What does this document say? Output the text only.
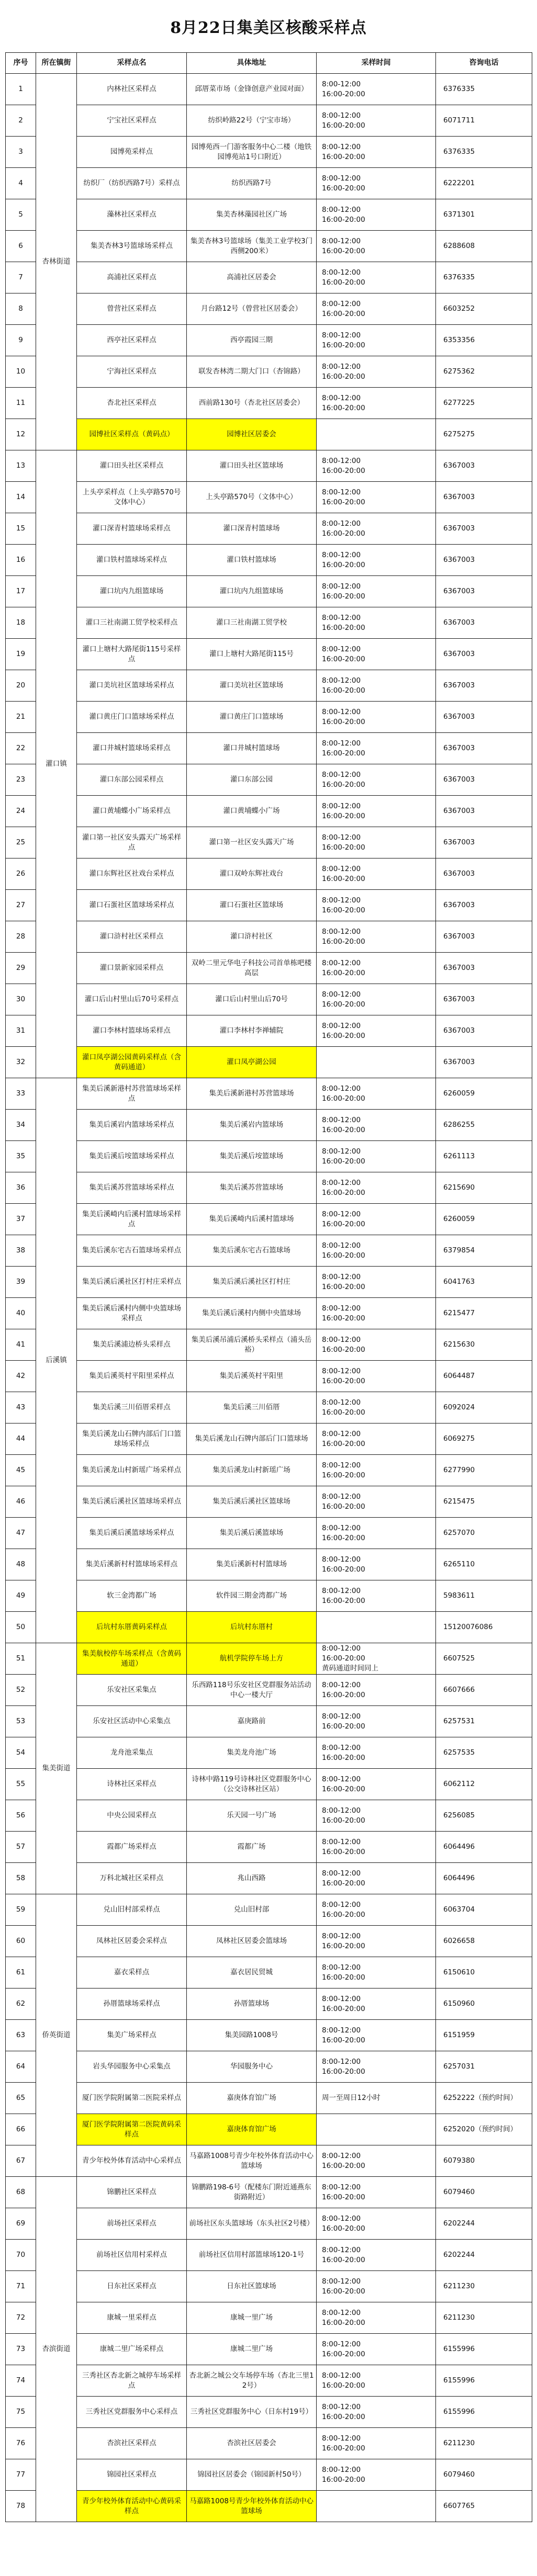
8月22日集美区核酸采样点
序号	所在镇街	采样点名	具体地址	采样时间	咨询电话
1	杏林街道	内林社区采样点	邱厝菜市场（金锋创意产业园对面）	8:00-12:00
16:00-20:00	6376335
2		宁宝社区采样点	纺织岭路22号（宁宝市场）	8:00-12:00
16:00-20:00	6071711
3		园博苑采样点	园博苑西一门游客服务中心二楼（地铁园博苑站1号口附近）	8:00-12:00
16:00-20:00	6376335
4		纺织厂（纺织西路7号）采样点	纺织西路7号	8:00-12:00
16:00-20:00	6222201
5		藻林社区采样点	集美杏林藻园社区广场	8:00-12:00
16:00-20:00	6371301
6		集美杏林3号篮球场采样点	集美杏林3号篮球场（集美工业学校3门西侧200米）	8:00-12:00
16:00-20:00	6288608
7		高浦社区采样点	高浦社区居委会	8:00-12:00
16:00-20:00	6376335
8		曾营社区采样点	月台路12号（曾营社区居委会）	8:00-12:00
16:00-20:00	6603252
9		西亭社区采样点	西亭霞园三期	8:00-12:00
16:00-20:00	6353356
10		宁海社区采样点	联发杏林湾二期大门口（杏锦路）	8:00-12:00
16:00-20:00	6275362
11		杏北社区采样点	西前路130号（杏北社区居委会）	8:00-12:00
16:00-20:00	6277225
12		园博社区采样点（黄码点）	园博社区居委会		6275275
13	灌口镇	灌口田头社区采样点	灌口田头社区篮球场	8:00-12:00
16:00-20:00	6367003
14		上头亭采样点（上头亭路570号文体中心）	上头亭路570号（文体中心）	8:00-12:00
16:00-20:00	6367003
15		灌口深青村篮球场采样点	灌口深青村篮球场	8:00-12:00
16:00-20:00	6367003
16		灌口铁村篮球场采样点	灌口铁村篮球场	8:00-12:00
16:00-20:00	6367003
17		灌口坑内九组篮球场	灌口坑内九组篮球场	8:00-12:00
16:00-20:00	6367003
18		灌口三社南湖工贸学校采样点	灌口三社南湖工贸学校	8:00-12:00
16:00-20:00	6367003
19		灌口上塘村大路尾街115号采样点	灌口上塘村大路尾街115号	8:00-12:00
16:00-20:00	6367003
20		灌口美坑社区篮球场采样点	灌口美坑社区篮球场	8:00-12:00
16:00-20:00	6367003
21		灌口黄庄门口篮球场采样点	灌口黄庄门口篮球场	8:00-12:00
16:00-20:00	6367003
22		灌口井城村篮球场采样点	灌口井城村篮球场	8:00-12:00
16:00-20:00	6367003
23		灌口东部公园采样点	灌口东部公园	8:00-12:00
16:00-20:00	6367003
24		灌口黄埔蝶小广场采样点	灌口黄埔蝶小广场	8:00-12:00
16:00-20:00	6367003
25		灌口第一社区安头露天广场采样点	灌口第一社区安头露天广场	8:00-12:00
16:00-20:00	6367003
26		灌口东辉社区社戏台采样点	灌口双岭东辉社戏台	8:00-12:00
16:00-20:00	6367003
27		灌口石蛋社区篮球场采样点	灌口石蛋社区篮球场	8:00-12:00
16:00-20:00	6367003
28		灌口浒村社区采样点	灌口浒村社区	8:00-12:00
16:00-20:00	6367003
29		灌口景新家园采样点	双岭二里元华电子科技公司首单栋吧楼高层	8:00-12:00
16:00-20:00	6367003
30		灌口后山村里山后70号采样点	灌口后山村里山后70号	8:00-12:00
16:00-20:00	6367003
31		灌口李林村篮球场采样点	灌口李林村李禅辅院	8:00-12:00
16:00-20:00	6367003
32		灌口凤亭湖公园黄码采样点（含黄码通道）	灌口凤亭湖公园		6367003
33	后溪镇	集美后溪新港村苏营篮球场采样点	集美后溪新港村苏营篮球场	8:00-12:00
16:00-20:00	6260059
34		集美后溪岩内篮球场采样点	集美后溪岩内篮球场	8:00-12:00
16:00-20:00	6286255
35		集美后溪后垵篮球场采样点	集美后溪后垵篮球场	8:00-12:00
16:00-20:00	6261113
36		集美后溪苏营篮球场采样点	集美后溪苏营篮球场	8:00-12:00
16:00-20:00	6215690
37		集美后溪崎内后溪村篮球场采样点	集美后溪崎内后溪村篮球场	8:00-12:00
16:00-20:00	6260059
38		集美后溪东宅古石篮球场采样点	集美后溪东宅古石篮球场	8:00-12:00
16:00-20:00	6379854
39		集美后溪后溪社区打村庄采样点	集美后溪后溪社区打村庄	8:00-12:00
16:00-20:00	6041763
40		集美后溪后溪村内侧中央篮球场采样点	集美后溪后溪村内侧中央篮球场	8:00-12:00
16:00-20:00	6215477
41		集美后溪浦边桥头采样点	集美后溪吊浦后溪桥头采样点（浦头岳裕）	8:00-12:00
16:00-20:00	6215630
42		集美后溪英村平阳里采样点	集美后溪英村平阳里	8:00-12:00
16:00-20:00	6064487
43		集美后溪三川佰厝采样点	集美后溪三川佰厝	8:00-12:00
16:00-20:00	6092024
44		集美后溪龙山石牌内部后门口篮球场采样点	集美后溪龙山石牌内部后门口篮球场	8:00-12:00
16:00-20:00	6069275
45		集美后溪龙山村新瑶广场采样点	集美后溪龙山村新瑶广场	8:00-12:00
16:00-20:00	6277990
46		集美后溪后溪社区篮球场采样点	集美后溪后溪社区篮球场	8:00-12:00
16:00-20:00	6215475
47		集美后溪后溪篮球场采样点	集美后溪后溪篮球场	8:00-12:00
16:00-20:00	6257070
48		集美后溪新村村篮球场采样点	集美后溪新村村篮球场	8:00-12:00
16:00-20:00	6265110
49		软三金湾都广场	软件园三期金湾都广场	8:00-12:00
16:00-20:00	5983611
50		后坑村东厝黄码采样点	后坑村东厝村		15120076086
51	集美街道	集美航校停车场采样点（含黄码通道）	航机学院停车场上方	8:00-12:00
16:00-20:00
黄码通道时间同上	6607525
52		乐安社区采集点	乐西路118号乐安社区党群服务站活动中心一楼大厅	8:00-12:00
16:00-20:00	6607666
53		乐安社区活动中心采集点	嘉庚路前	8:00-12:00
16:00-20:00	6257531
54		龙舟池采集点	集美龙舟池广场	8:00-12:00
16:00-20:00	6257535
55		诗林社区采样点	诗林中路119号诗林社区党群服务中心（公交诗林社区站）	8:00-12:00
16:00-20:00	6062112
56		中央公园采样点	乐天园一号广场	8:00-12:00
16:00-20:00	6256085
57		霞都广场采样点	霞都广场	8:00-12:00
16:00-20:00	6064496
58		万科北城社区采样点	兆山西路	8:00-12:00
16:00-20:00	6064496
59	侨英街道	兑山旧村部采样点	兑山旧村部	8:00-12:00
16:00-20:00	6063704
60		凤林社区居委会采样点	凤林社区居委会篮球场	8:00-12:00
16:00-20:00	6026658
61		嘉衣采样点	嘉衣居民贸城	8:00-12:00
16:00-20:00	6150610
62		孙厝篮球场采样点	孙厝篮球场	8:00-12:00
16:00-20:00	6150960
63		集美广场采样点	集美园路1008号	8:00-12:00
16:00-20:00	6151959
64		岩头华园服务中心采集点	华园服务中心	8:00-12:00
16:00-20:00	6257031
65		厦门医学院附属第二医院采样点	嘉庚体育馆广场	周一至周日12小时	6252222（预约时间）
66		厦门医学院附属第二医院黄码采样点	嘉庚体育馆广场		6252020（预约时间）
67		青少年校外体育活动中心采样点	马嘉路1008号青少年校外体育活动中心篮球场	8:00-12:00
16:00-20:00	6079380
68	杏滨街道	锦鹏社区采样点	锦鹏路198-6号（配楼东门附近通燕东街路附近）	8:00-12:00
16:00-20:00	6079460
69		前场社区采样点	前场社区东头篮球场（东头社区2号楼）	8:00-12:00
16:00-20:00	6202244
70		前场社区信用村采样点	前场社区信用村部篮球场120-1号	8:00-12:00
16:00-20:00	6202244
71		日东社区采样点	日东社区篮球场	8:00-12:00
16:00-20:00	6211230
72		康城一里采样点	康城一里广场	8:00-12:00
16:00-20:00	6211230
73		康城二里广场采样点	康城二里广场	8:00-12:00
16:00-20:00	6155996
74		三秀社区杏北新之城停车场采样点	杏北新之城公交车场停车场（杏北三里12号）	8:00-12:00
16:00-20:00	6155996
75		三秀社区党群服务中心采样点	三秀社区党群服务中心（日东村19号）	8:00-12:00
16:00-20:00	6155996
76		杏滨社区采样点	杏滨社区居委会	8:00-12:00
16:00-20:00	6211230
77		锦园社区采样点	锦园社区居委会（锦园新村50号）	8:00-12:00
16:00-20:00	6079460
78		青少年校外体育活动中心黄码采样点	马嘉路1008号青少年校外体育活动中心篮球场		6607765
